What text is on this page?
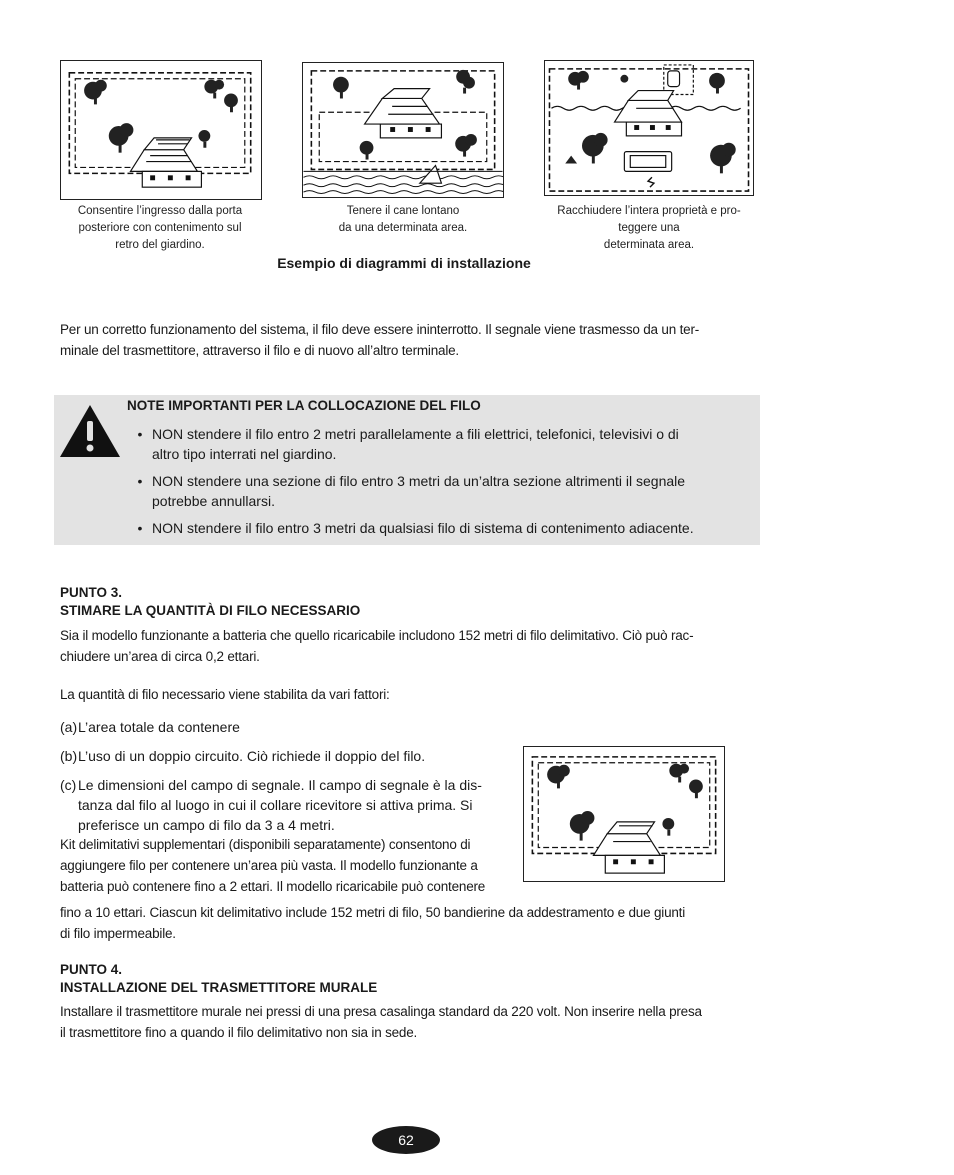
Consentire l’ingresso dalla porta
posteriore con contenimento sul
retro del giardino.
Tenere il cane lontano
da una determinata area.
Racchiudere l’intera proprietà e pro-
teggere una
determinata area.
Esempio di diagrammi di installazione
Per un corretto funzionamento del sistema, il filo deve essere ininterrotto. Il segnale viene trasmesso da un ter-
minale del trasmettitore, attraverso il filo e di nuovo all’altro terminale.
NOTE IMPORTANTI PER LA COLLOCAZIONE DEL FILO
• NON stendere il filo entro 2 metri parallelamente a fili elettrici, telefonici, televisivi o di
altro tipo interrati nel giardino.
• NON stendere una sezione di filo entro 3 metri da un’altra sezione altrimenti il segnale
potrebbe annullarsi.
• NON stendere il filo entro 3 metri da qualsiasi filo di sistema di contenimento adiacente.
PUNTO 3.
STIMARE LA QUANTITÀ DI FILO NECESSARIO
Sia il modello funzionante a batteria che quello ricaricabile includono 152 metri di filo delimitativo. Ciò può rac-
chiudere un’area di circa 0,2 ettari.
La quantità di filo necessario viene stabilita da vari fattori:
(a) L’area totale da contenere
(b) L’uso di un doppio circuito. Ciò richiede il doppio del filo.
(c) Le dimensioni del campo di segnale. Il campo di segnale è la dis-
tanza dal filo al luogo in cui il collare ricevitore si attiva prima. Si
preferisce un campo di filo da 3 a 4 metri.
Kit delimitativi supplementari (disponibili separatamente) consentono di
aggiungere filo per contenere un’area più vasta. Il modello funzionante a
batteria può contenere fino a 2 ettari. Il modello ricaricabile può contenere
fino a 10 ettari. Ciascun kit delimitativo include 152 metri di filo, 50 bandierine da addestramento e due giunti
di filo impermeabile.
PUNTO 4.
INSTALLAZIONE DEL TRASMETTITORE MURALE
Installare il trasmettitore murale nei pressi di una presa casalinga standard da 220 volt. Non inserire nella presa
il trasmettitore fino a quando il filo delimitativo non sia in sede.
62
